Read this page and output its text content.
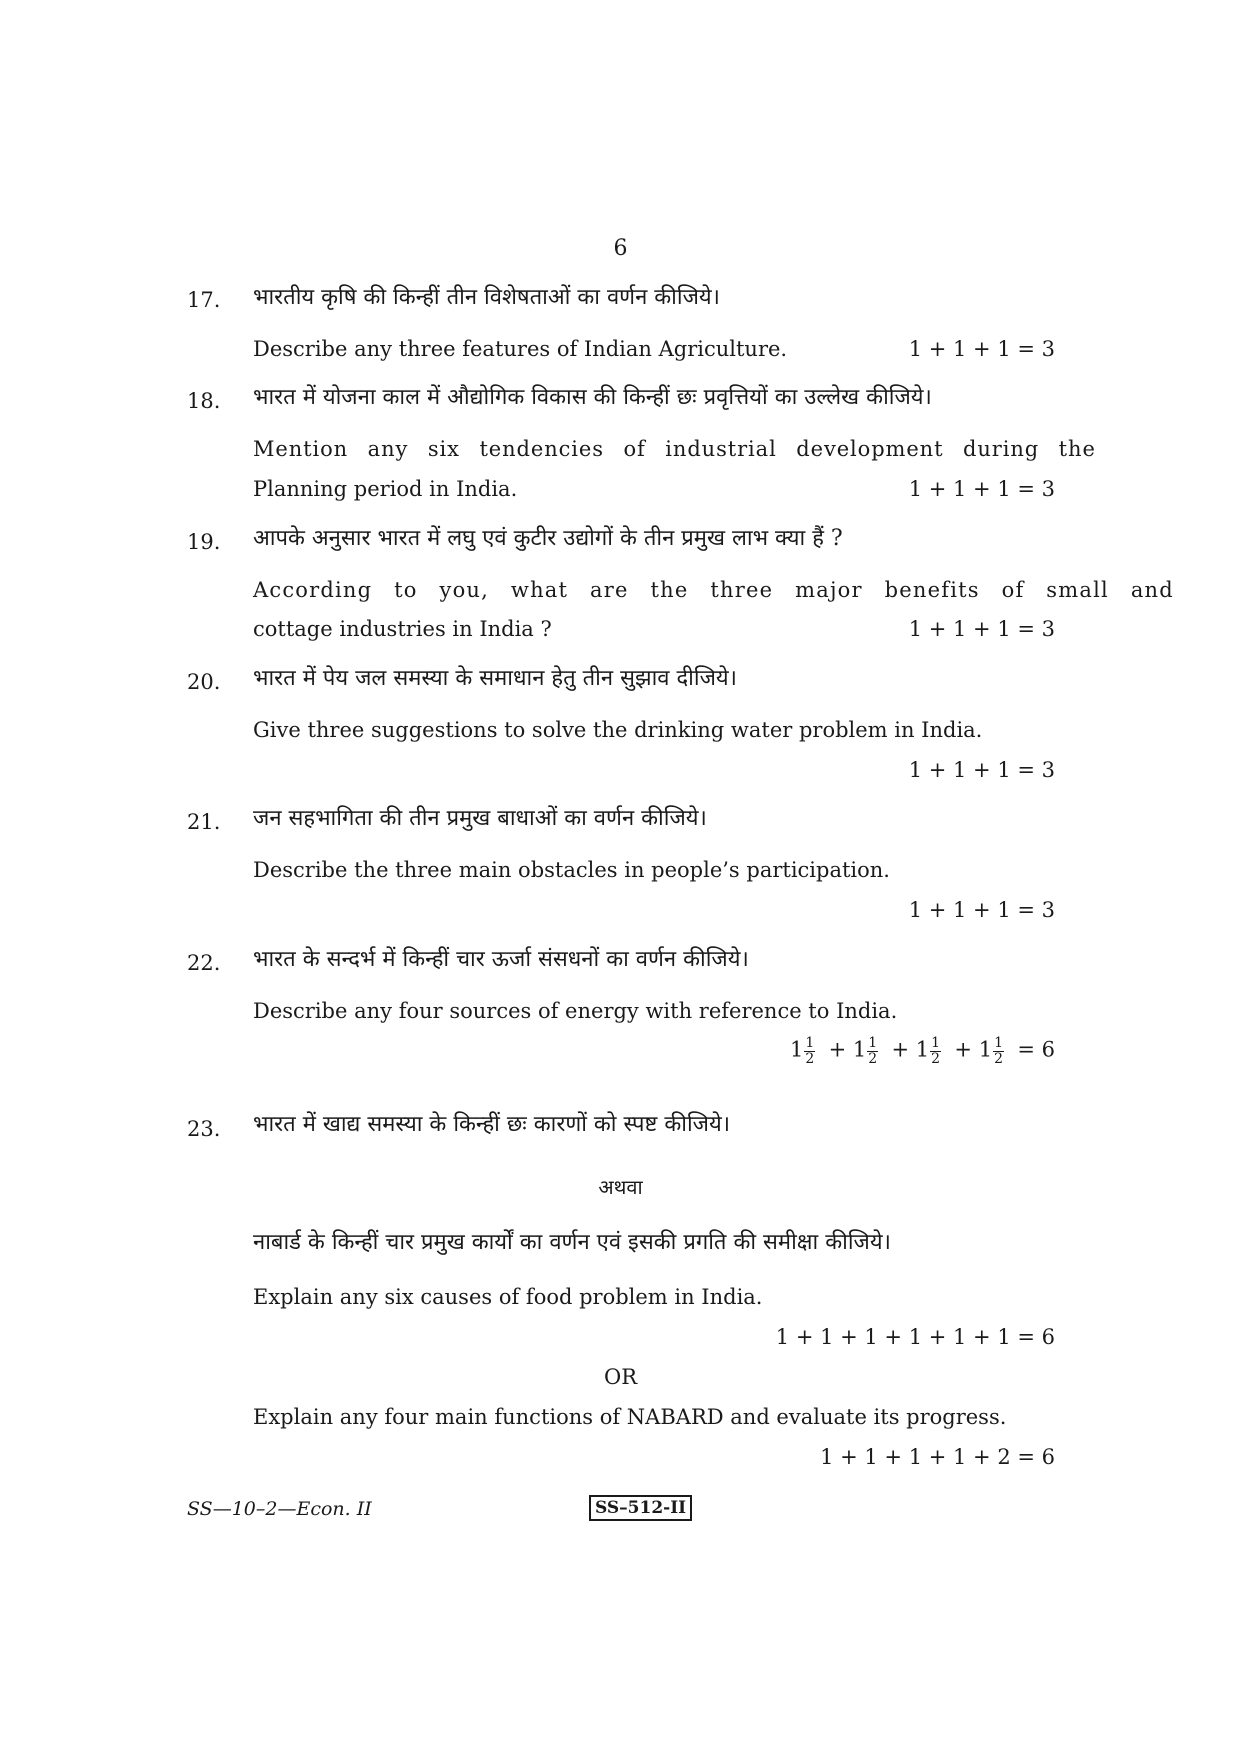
6
17. भारतीय कृषि की किन्हीं तीन विशेषताओं का वर्णन कीजिये।
Describe any three features of Indian Agriculture.	1 + 1 + 1 = 3
18. भारत में योजना काल में औद्योगिक विकास की किन्हीं छः प्रवृत्तियों का उल्लेख कीजिये।
Mention any six tendencies of industrial development during the
Planning period in India.	1 + 1 + 1 = 3
19. आपके अनुसार भारत में लघु एवं कुटीर उद्योगों के तीन प्रमुख लाभ क्या हैं ?
According to you, what are the three major benefits of small and
cottage industries in India ?	1 + 1 + 1 = 3
20. भारत में पेय जल समस्या के समाधान हेतु तीन सुझाव दीजिये।
Give three suggestions to solve the drinking water problem in India.
1 + 1 + 1 = 3
21. जन सहभागिता की तीन प्रमुख बाधाओं का वर्णन कीजिये।
Describe the three main obstacles in people’s participation.
1 + 1 + 1 = 3
22. भारत के सन्दर्भ में किन्हीं चार ऊर्जा संसधनों का वर्णन कीजिये।
Describe any four sources of energy with reference to India.
$1 \frac{1}{2} + 1 \frac{1}{2} + 1 \frac{1}{2} + 1 \frac{1}{2} = 6$
23. भारत में खाद्य समस्या के किन्हीं छः कारणों को स्पष्ट कीजिये।
अथवा
नाबार्ड के किन्हीं चार प्रमुख कार्यों का वर्णन एवं इसकी प्रगति की समीक्षा कीजिये।
Explain any six causes of food problem in India.
1 + 1 + 1 + 1 + 1 + 1 = 6
OR
Explain any four main functions of NABARD and evaluate its progress.
1 + 1 + 1 + 1 + 2 = 6
SS—10–2—Econ. II	SS–512-II
